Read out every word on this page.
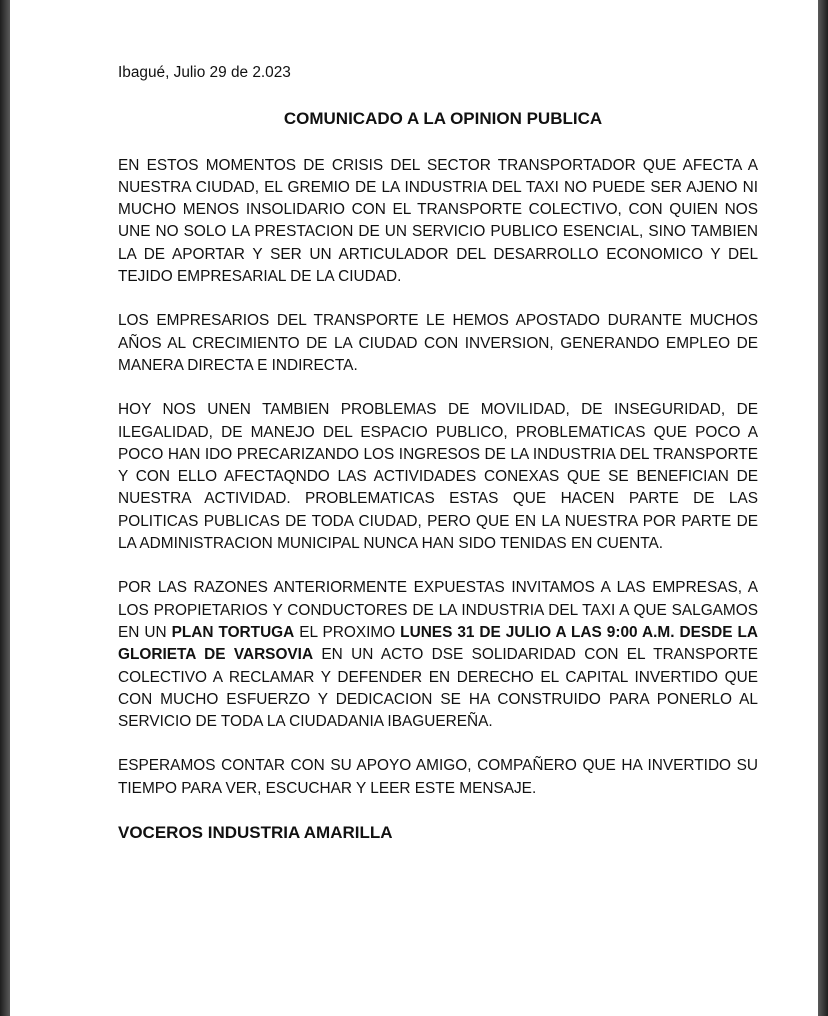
Ibagué, Julio 29 de 2.023

COMUNICADO A LA OPINION PUBLICA

EN ESTOS MOMENTOS DE CRISIS DEL SECTOR TRANSPORTADOR QUE AFECTA A NUESTRA CIUDAD, EL GREMIO DE LA INDUSTRIA DEL TAXI NO PUEDE SER AJENO NI MUCHO MENOS INSOLIDARIO CON EL TRANSPORTE COLECTIVO, CON QUIEN NOS UNE NO SOLO LA PRESTACION DE UN SERVICIO PUBLICO ESENCIAL, SINO TAMBIEN LA DE APORTAR Y SER UN ARTICULADOR DEL DESARROLLO ECONOMICO Y DEL TEJIDO EMPRESARIAL DE LA CIUDAD.

LOS EMPRESARIOS DEL TRANSPORTE LE HEMOS APOSTADO DURANTE MUCHOS AÑOS AL CRECIMIENTO DE LA CIUDAD CON INVERSION, GENERANDO EMPLEO DE MANERA DIRECTA E INDIRECTA.

HOY NOS UNEN TAMBIEN PROBLEMAS DE MOVILIDAD, DE INSEGURIDAD, DE ILEGALIDAD, DE MANEJO DEL ESPACIO PUBLICO, PROBLEMATICAS QUE POCO A POCO HAN IDO PRECARIZANDO LOS INGRESOS DE LA INDUSTRIA DEL TRANSPORTE Y CON ELLO AFECTAQNDO LAS ACTIVIDADES CONEXAS QUE SE BENEFICIAN DE NUESTRA ACTIVIDAD. PROBLEMATICAS ESTAS QUE HACEN PARTE DE LAS POLITICAS PUBLICAS DE TODA CIUDAD, PERO QUE EN LA NUESTRA POR PARTE DE LA ADMINISTRACION MUNICIPAL NUNCA HAN SIDO TENIDAS EN CUENTA.

POR LAS RAZONES ANTERIORMENTE EXPUESTAS INVITAMOS A LAS EMPRESAS, A LOS PROPIETARIOS Y CONDUCTORES DE LA INDUSTRIA DEL TAXI A QUE SALGAMOS EN UN PLAN TORTUGA EL PROXIMO LUNES 31 DE JULIO A LAS 9:00 A.M. DESDE LA GLORIETA DE VARSOVIA EN UN ACTO DSE SOLIDARIDAD CON EL TRANSPORTE COLECTIVO A RECLAMAR Y DEFENDER EN DERECHO EL CAPITAL INVERTIDO QUE CON MUCHO ESFUERZO Y DEDICACION SE HA CONSTRUIDO PARA PONERLO AL SERVICIO DE TODA LA CIUDADANIA IBAGUEREÑA.

ESPERAMOS CONTAR CON SU APOYO AMIGO, COMPAÑERO QUE HA INVERTIDO SU TIEMPO PARA VER, ESCUCHAR Y LEER ESTE MENSAJE.

VOCEROS INDUSTRIA AMARILLA
